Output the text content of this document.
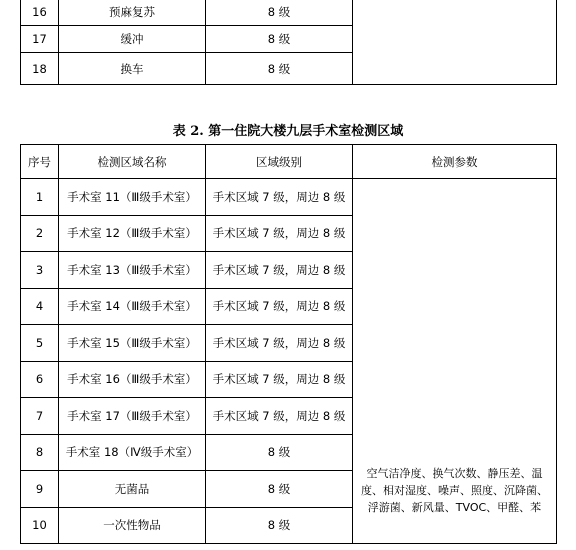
16	预麻复苏	8 级	
17	缓冲	8 级	
18	换车	8 级	
表 2. 第一住院大楼九层手术室检测区域
序号	检测区域名称	区域级别	检测参数
1	手术室 11（Ⅲ级手术室）	手术区域 7 级，周边 8 级	空气洁净度、换气次数、静压差、温度、相对湿度、噪声、照度、沉降菌、浮游菌、新风量、TVOC、甲醛、苯
2	手术室 12（Ⅲ级手术室）	手术区域 7 级，周边 8 级	
3	手术室 13（Ⅲ级手术室）	手术区域 7 级，周边 8 级	
4	手术室 14（Ⅲ级手术室）	手术区域 7 级，周边 8 级	
5	手术室 15（Ⅲ级手术室）	手术区域 7 级，周边 8 级	
6	手术室 16（Ⅲ级手术室）	手术区域 7 级，周边 8 级	
7	手术室 17（Ⅲ级手术室）	手术区域 7 级，周边 8 级	
8	手术室 18（Ⅳ级手术室）	8 级	
9	无菌品	8 级	
10	一次性物品	8 级	
